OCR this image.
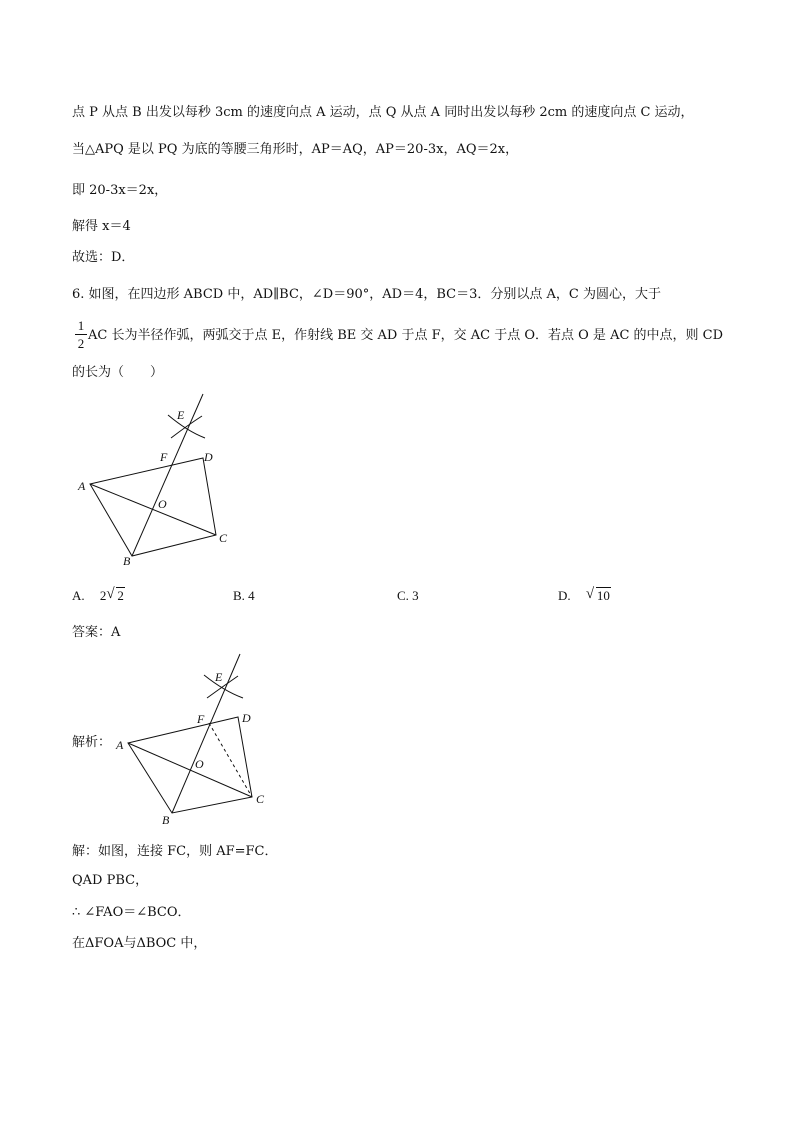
点 P 从点 B 出发以每秒 3cm 的速度向点 A 运动，点 Q 从点 A 同时出发以每秒 2cm 的速度向点 C 运动，
当△APQ 是以 PQ 为底的等腰三角形时，AP＝AQ，AP＝20-3x，AQ＝2x，
即 20-3x＝2x，
解得 x＝4
故选：D．
6. 如图，在四边形 ABCD 中，AD∥BC，∠D＝90°，AD＝4，BC＝3．分别以点 A，C 为圆心，大于
1
2
AC 长为半径作弧，两弧交于点 E，作射线 BE 交 AD 于点 F，交 AC 于点 O．若点 O 是 AC 的中点，则 CD
的长为（　　）
E
F	D
A
O
C
B
A. 2 √ 2	B. 4	C. 3	D. √ 10
答案：A
解析：
E
F	D
A
O
C
B
解：如图，连接 FC，则 AF=FC．
QAD PBC，
∴ ∠FAO＝∠BCO．
在ΔFOA与ΔBOC 中，
